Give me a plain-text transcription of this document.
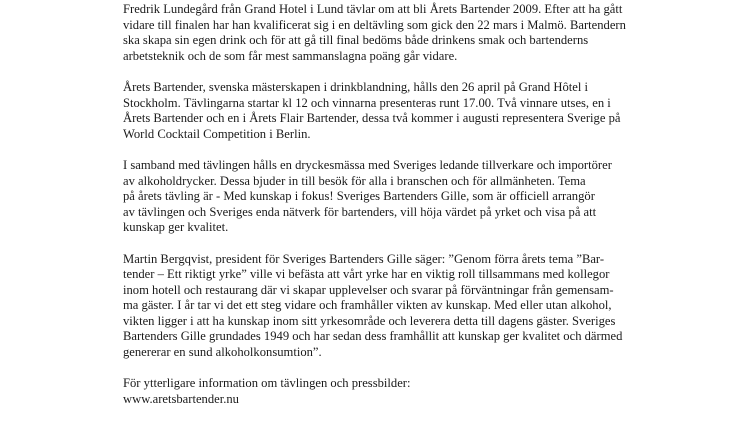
Fredrik Lundegård från Grand Hotel i Lund tävlar om att bli Årets Bartender 2009. Efter att ha gått
vidare till finalen har han kvalificerat sig i en deltävling som gick den 22 mars i Malmö. Bartendern
ska skapa sin egen drink och för att gå till final bedöms både drinkens smak och bartenderns
arbetsteknik och de som får mest sammanslagna poäng går vidare.

Årets Bartender, svenska mästerskapen i drinkblandning, hålls den 26 april på Grand Hôtel i
Stockholm. Tävlingarna startar kl 12 och vinnarna presenteras runt 17.00. Två vinnare utses, en i
Årets Bartender och en i Årets Flair Bartender, dessa två kommer i augusti representera Sverige på
World Cocktail Competition i Berlin.

I samband med tävlingen hålls en dryckesmässa med Sveriges ledande tillverkare och importörer
av alkoholdrycker. Dessa bjuder in till besök för alla i branschen och för allmänheten. Tema
på årets tävling är - Med kunskap i fokus! Sveriges Bartenders Gille, som är officiell arrangör
av tävlingen och Sveriges enda nätverk för bartenders, vill höja värdet på yrket och visa på att
kunskap ger kvalitet.

Martin Bergqvist, president för Sveriges Bartenders Gille säger: ”Genom förra årets tema ”Bar-
tender – Ett riktigt yrke” ville vi befästa att vårt yrke har en viktig roll tillsammans med kollegor
inom hotell och restaurang där vi skapar upplevelser och svarar på förväntningar från gemensam-
ma gäster. I år tar vi det ett steg vidare och framhåller vikten av kunskap. Med eller utan alkohol,
vikten ligger i att ha kunskap inom sitt yrkesområde och leverera detta till dagens gäster. Sveriges
Bartenders Gille grundades 1949 och har sedan dess framhållit att kunskap ger kvalitet och därmed
genererar en sund alkoholkonsumtion”.

För ytterligare information om tävlingen och pressbilder:
www.aretsbartender.nu
